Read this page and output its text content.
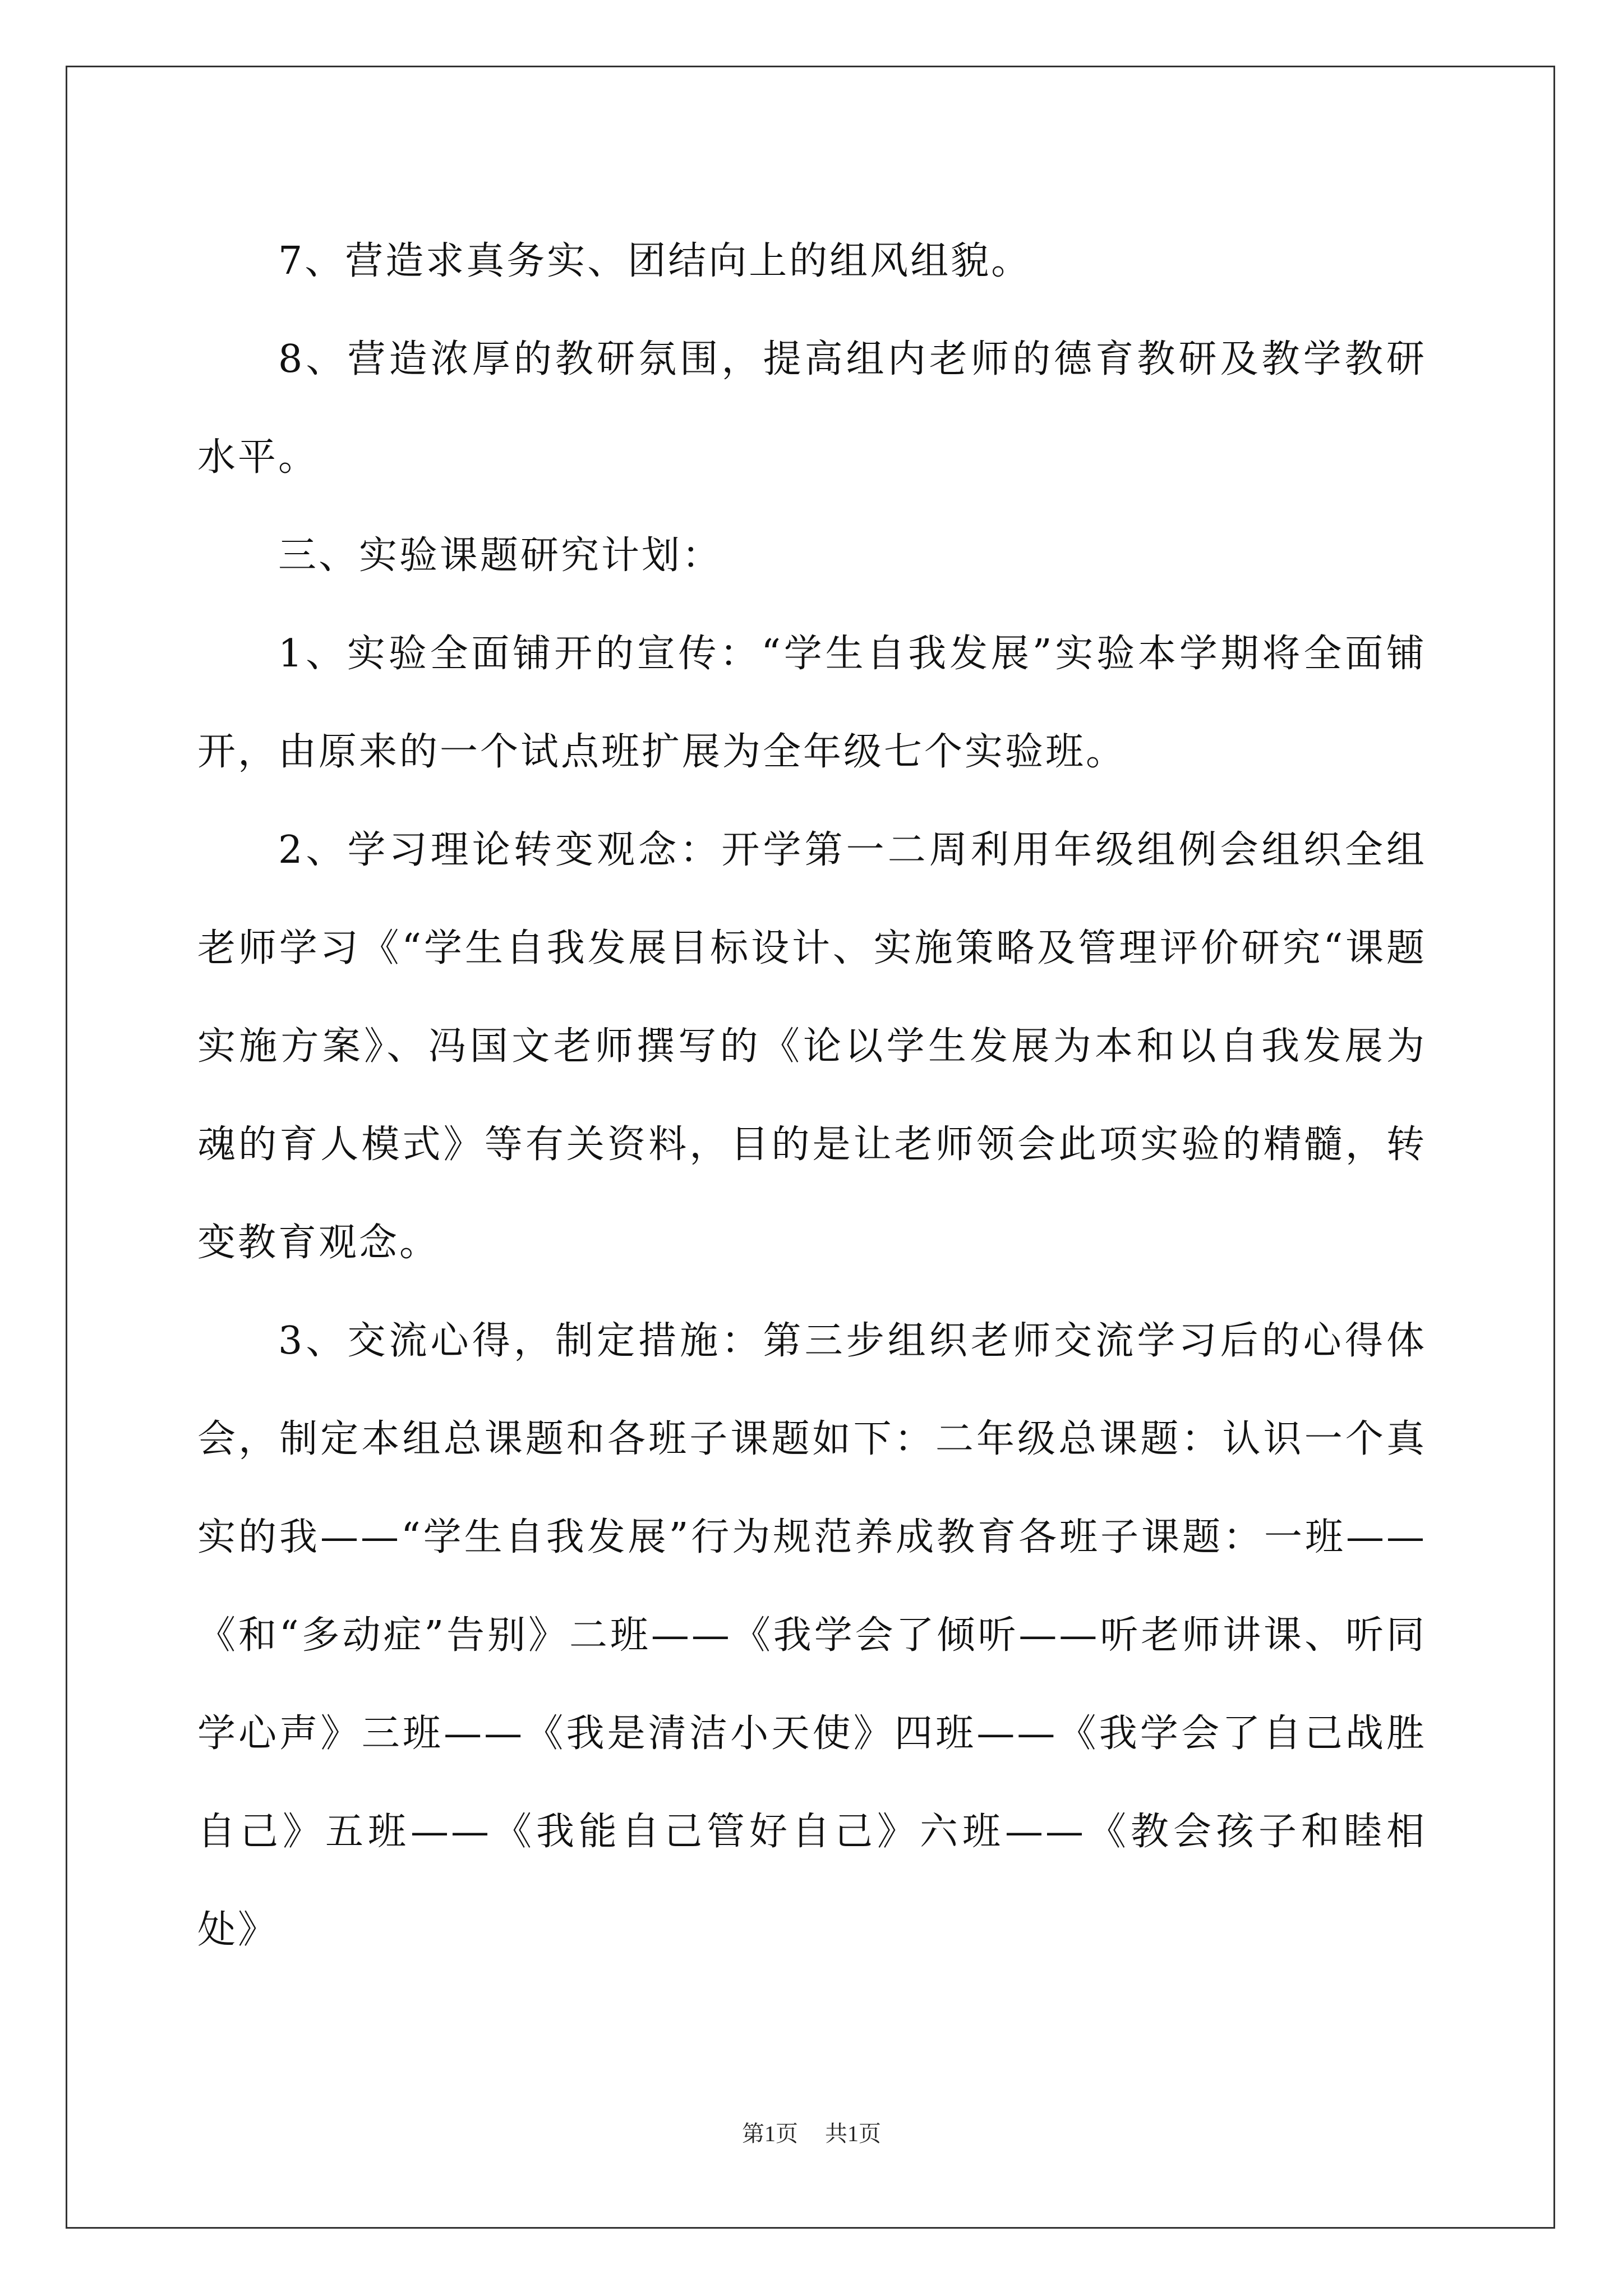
7、营造求真务实、团结向上的组风组貌。

8、营造浓厚的教研氛围，提高组内老师的德育教研及教学教研水平。

三、实验课题研究计划：

1、实验全面铺开的宣传：“学生自我发展”实验本学期将全面铺开，由原来的一个试点班扩展为全年级七个实验班。

2、学习理论转变观念：开学第一二周利用年级组例会组织全组老师学习《“学生自我发展目标设计、实施策略及管理评价研究“课题实施方案》、冯国文老师撰写的《论以学生发展为本和以自我发展为魂的育人模式》等有关资料，目的是让老师领会此项实验的精髓，转变教育观念。

3、交流心得，制定措施：第三步组织老师交流学习后的心得体会，制定本组总课题和各班子课题如下：二年级总课题：认识一个真实的我——“学生自我发展”行为规范养成教育各班子课题：一班——《和“多动症”告别》二班——《我学会了倾听——听老师讲课、听同学心声》三班——《我是清洁小天使》四班——《我学会了自己战胜自己》五班——《我能自己管好自己》六班——《教会孩子和睦相处》

第1页 共1页
